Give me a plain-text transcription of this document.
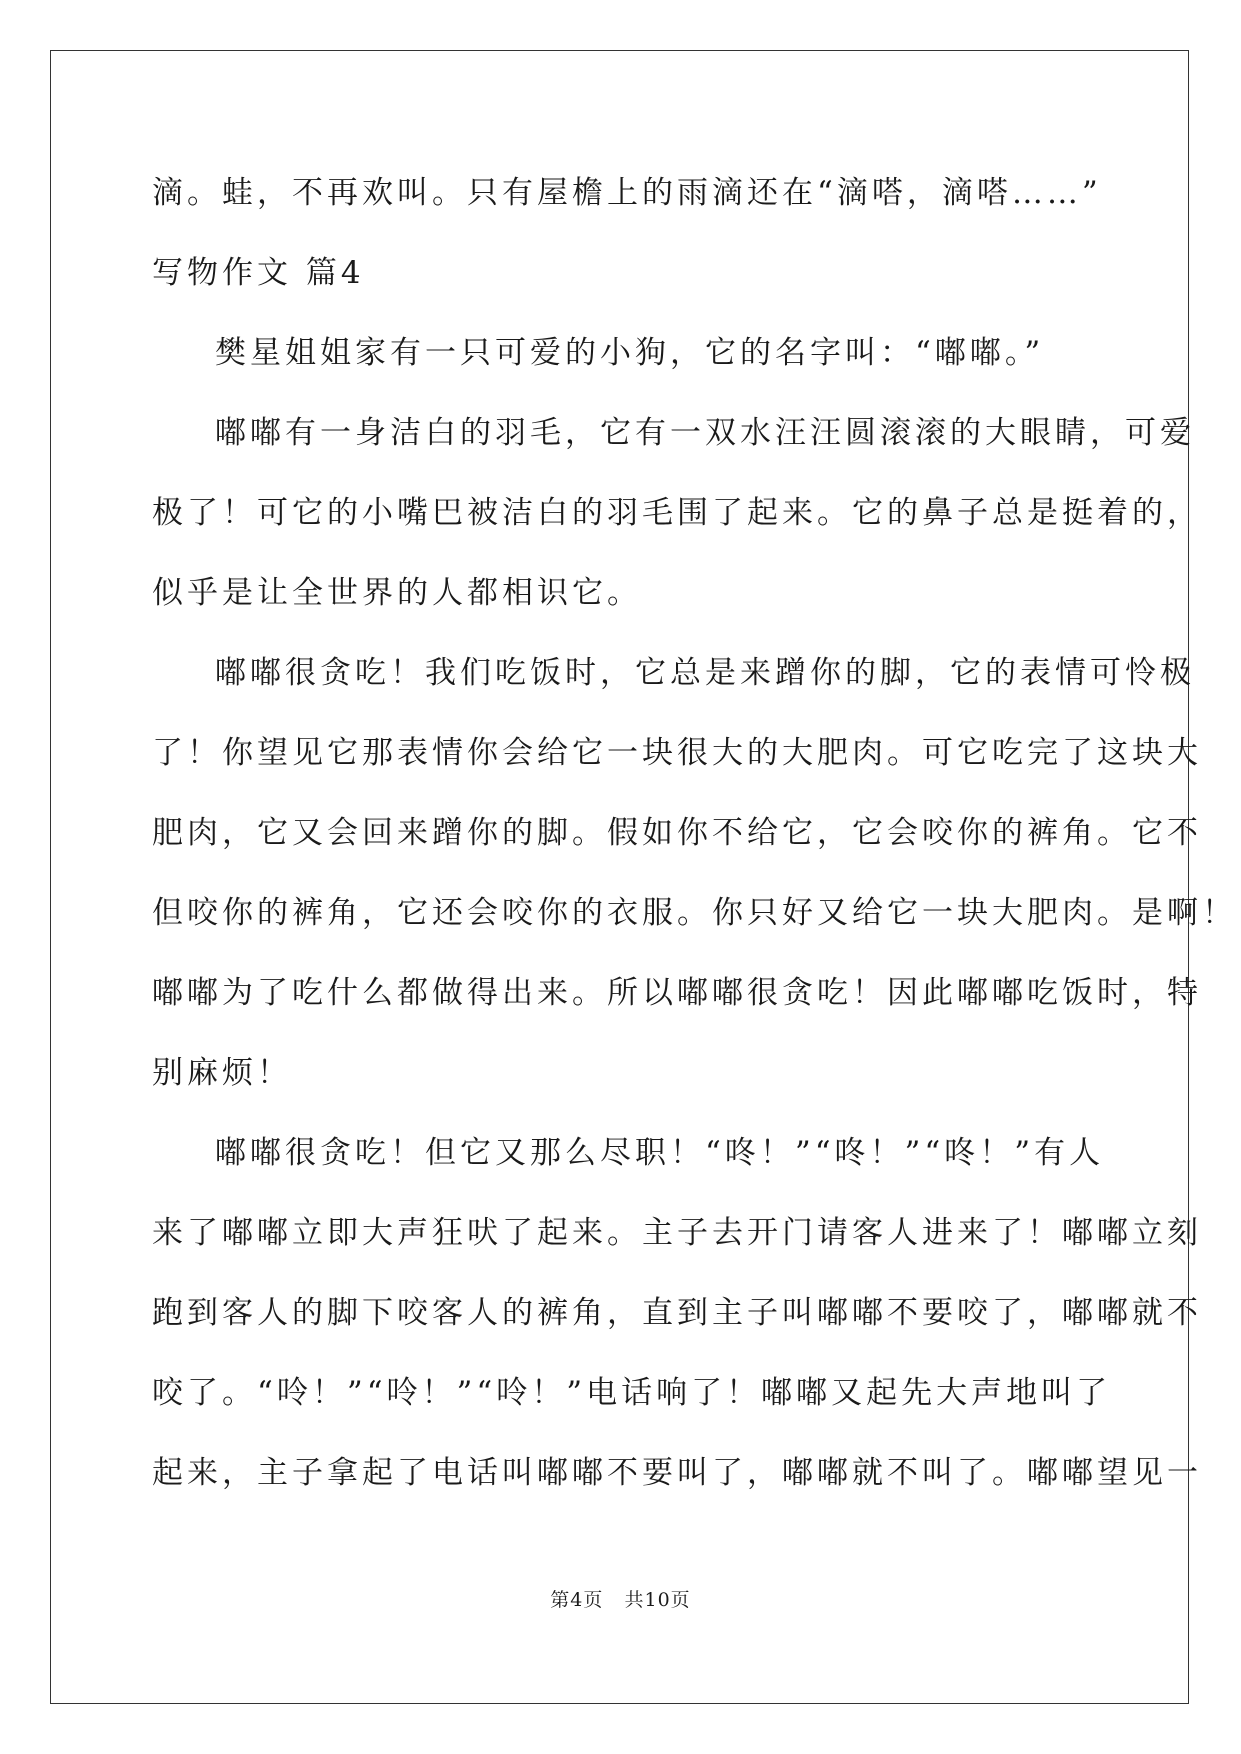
滴。蛙，不再欢叫。只有屋檐上的雨滴还在“滴嗒，滴嗒……”
写物作文 篇4
樊星姐姐家有一只可爱的小狗，它的名字叫：“嘟嘟。”
嘟嘟有一身洁白的羽毛，它有一双水汪汪圆滚滚的大眼睛，可爱
极了！可它的小嘴巴被洁白的羽毛围了起来。它的鼻子总是挺着的，
似乎是让全世界的人都相识它。
嘟嘟很贪吃！我们吃饭时，它总是来蹭你的脚，它的表情可怜极
了！你望见它那表情你会给它一块很大的大肥肉。可它吃完了这块大
肥肉，它又会回来蹭你的脚。假如你不给它，它会咬你的裤角。它不
但咬你的裤角，它还会咬你的衣服。你只好又给它一块大肥肉。是啊！
嘟嘟为了吃什么都做得出来。所以嘟嘟很贪吃！因此嘟嘟吃饭时，特
别麻烦！
嘟嘟很贪吃！但它又那么尽职！“咚！”“咚！”“咚！”有人
来了嘟嘟立即大声狂吠了起来。主子去开门请客人进来了！嘟嘟立刻
跑到客人的脚下咬客人的裤角，直到主子叫嘟嘟不要咬了，嘟嘟就不
咬了。“呤！”“呤！”“呤！”电话响了！嘟嘟又起先大声地叫了
起来，主子拿起了电话叫嘟嘟不要叫了，嘟嘟就不叫了。嘟嘟望见一
第4页   共10页
